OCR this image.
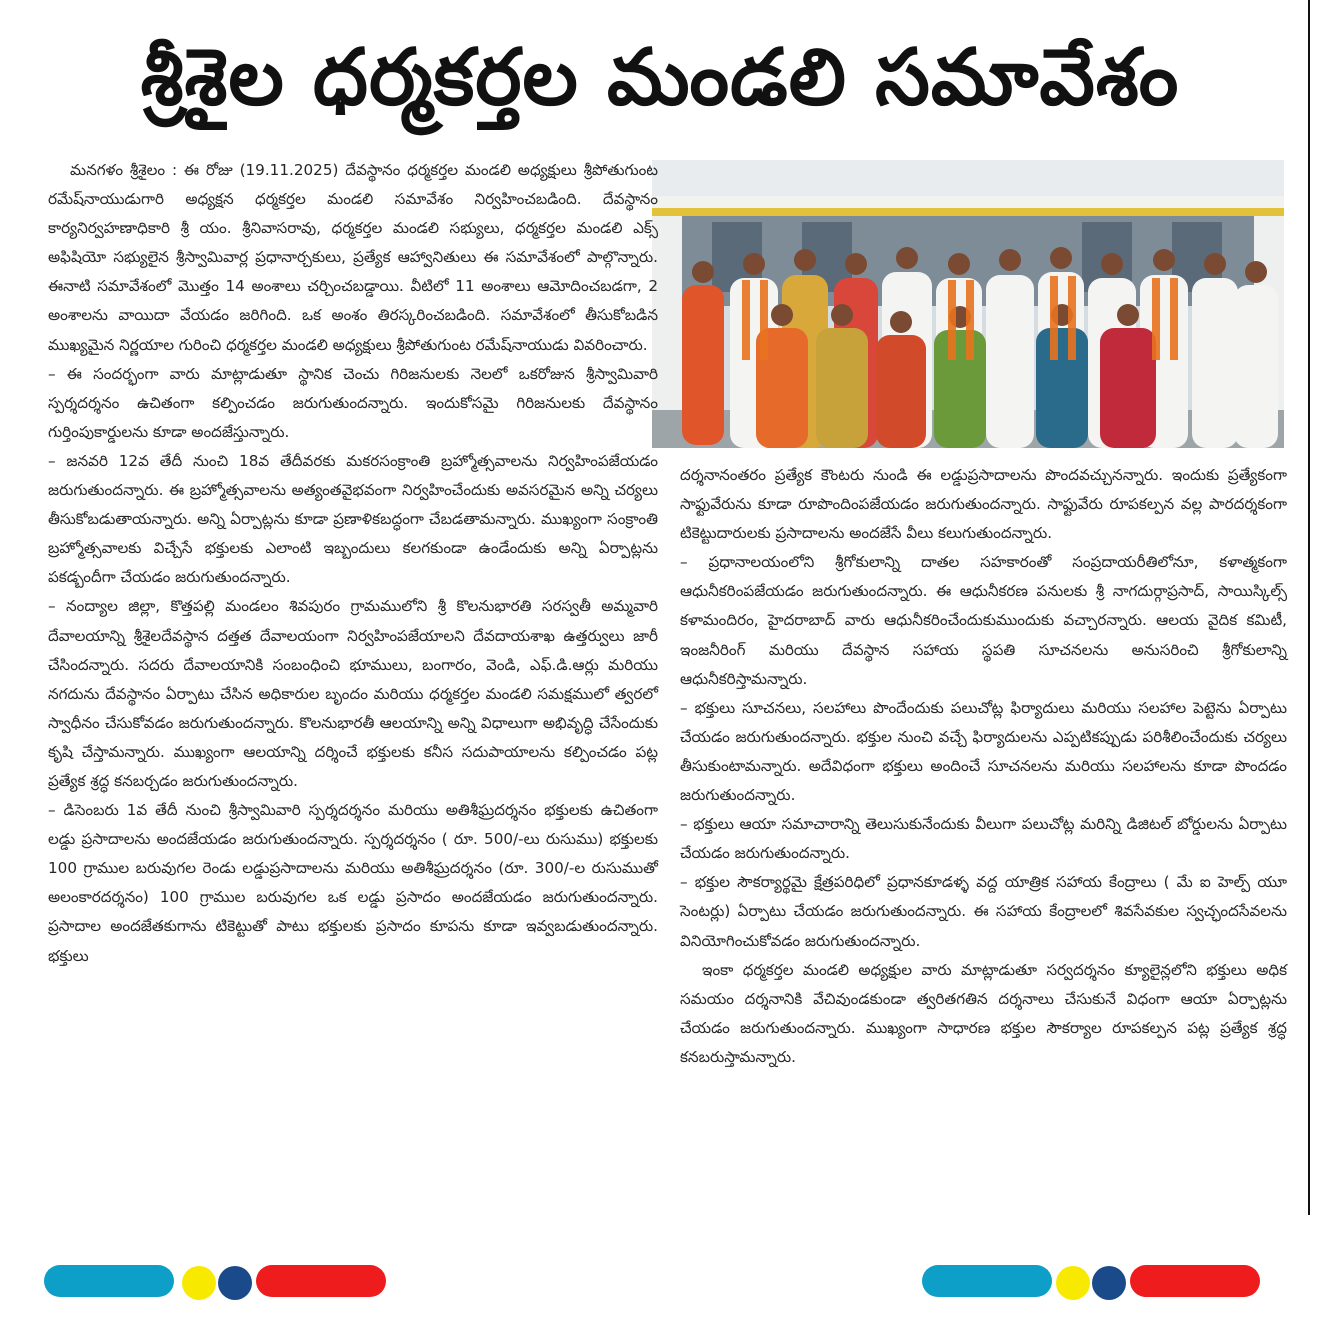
శ్రీశైల ధర్మకర్తల మండలి సమావేశం

మనగళం శ్రీశైలం : ఈ రోజు (19.11.2025) దేవస్థానం ధర్మకర్తల మండలి అధ్యక్షులు శ్రీపోతుగుంట రమేష్‌నాయుడుగారి అధ్యక్షన ధర్మకర్తల మండలి సమావేశం నిర్వహించబడింది. దేవస్థానం కార్యనిర్వహణాధికారి శ్రీ యం. శ్రీనివాసరావు, ధర్మకర్తల మండలి సభ్యులు, ధర్మకర్తల మండలి ఎక్స్ అఫిషియో సభ్యులైన శ్రీస్వామివార్ల ప్రధానార్చకులు, ప్రత్యేక ఆహ్వానితులు ఈ సమావేశంలో పాల్గొన్నారు. ఈనాటి సమావేశంలో మొత్తం 14 అంశాలు చర్చించబడ్డాయి. వీటిలో 11 అంశాలు ఆమోదించబడగా, 2 అంశాలను వాయిదా వేయడం జరిగింది. ఒక అంశం తిరస్కరించబడింది. సమావేశంలో తీసుకోబడిన ముఖ్యమైన నిర్ణయాల గురించి ధర్మకర్తల మండలి అధ్యక్షులు శ్రీపోతుగుంట రమేష్‌నాయుడు వివరించారు.

– ఈ సందర్భంగా వారు మాట్లాడుతూ స్థానిక చెంచు గిరిజనులకు నెలలో ఒకరోజున శ్రీస్వామివారి స్పర్శదర్శనం ఉచితంగా కల్పించడం జరుగుతుందన్నారు. ఇందుకోసమై గిరిజనులకు దేవస్థానం గుర్తింపుకార్డులను కూడా అందజేస్తున్నారు.

– జనవరి 12వ తేదీ నుంచి 18వ తేదీవరకు మకరసంక్రాంతి బ్రహ్మోత్సవాలను నిర్వహింపజేయడం జరుగుతుందన్నారు. ఈ బ్రహ్మోత్సవాలను అత్యంతవైభవంగా నిర్వహించేందుకు అవసరమైన అన్ని చర్యలు తీసుకోబడుతాయన్నారు. అన్ని ఏర్పాట్లను కూడా ప్రణాళికబద్ధంగా చేబడతామన్నారు. ముఖ్యంగా సంక్రాంతి బ్రహ్మోత్సవాలకు విచ్చేసే భక్తులకు ఎలాంటి ఇబ్బందులు కలగకుండా ఉండేందుకు అన్ని ఏర్పాట్లను పకడ్బందీగా చేయడం జరుగుతుందన్నారు.

– నంద్యాల జిల్లా, కొత్తపల్లి మండలం శివపురం గ్రామములోని శ్రీ కొలనుభారతి సరస్వతీ అమ్మవారి దేవాలయాన్ని శ్రీశైలదేవస్థాన దత్తత దేవాలయంగా నిర్వహింపజేయాలని దేవదాయశాఖ ఉత్తర్వులు జారీ చేసిందన్నారు. సదరు దేవాలయానికి సంబంధించి భూములు, బంగారం, వెండి, ఎఫ్.డి.ఆర్లు మరియు నగదును దేవస్థానం ఏర్పాటు చేసిన అధికారుల బృందం మరియు ధర్మకర్తల మండలి సమక్షములో త్వరలో స్వాధీనం చేసుకోవడం జరుగుతుందన్నారు. కొలనుభారతీ ఆలయాన్ని అన్ని విధాలుగా అభివృద్ధి చేసేందుకు కృషి చేస్తామన్నారు. ముఖ్యంగా ఆలయాన్ని దర్శించే భక్తులకు కనీస సదుపాయాలను కల్పించడం పట్ల ప్రత్యేక శ్రద్ధ కనబర్చడం జరుగుతుందన్నారు.

– డిసెంబరు 1వ తేదీ నుంచి శ్రీస్వామివారి స్పర్శదర్శనం మరియు అతిశీఘ్రదర్శనం భక్తులకు ఉచితంగా లడ్డు ప్రసాదాలను అందజేయడం జరుగుతుందన్నారు. స్పర్శదర్శనం ( రూ. 500/-లు రుసుము) భక్తులకు 100 గ్రాముల బరువుగల రెండు లడ్డుప్రసాదాలను మరియు అతిశీఘ్రదర్శనం (రూ. 300/-ల రుసుముతో అలంకారదర్శనం) 100 గ్రాముల బరువుగల ఒక లడ్డు ప్రసాదం అందజేయడం జరుగుతుందన్నారు. ప్రసాదాల అందజేతకుగాను టికెట్టుతో పాటు భక్తులకు ప్రసాదం కూపను కూడా ఇవ్వబడుతుందన్నారు. భక్తులు

దర్శనానంతరం ప్రత్యేక కౌంటరు నుండి ఈ లడ్డుప్రసాదాలను పొందవచ్చునన్నారు. ఇందుకు ప్రత్యేకంగా సాఫ్టువేరును కూడా రూపొందింపజేయడం జరుగుతుందన్నారు. సాఫ్టువేరు రూపకల్పన వల్ల పారదర్శకంగా టికెట్టుదారులకు ప్రసాదాలను అందజేసే వీలు కలుగుతుందన్నారు.

– ప్రధానాలయంలోని శ్రీగోకులాన్ని దాతల సహకారంతో సంప్రదాయరీతిలోనూ, కళాత్మకంగా ఆధునీకరింపజేయడం జరుగుతుందన్నారు. ఈ ఆధునీకరణ పనులకు శ్రీ నాగదుర్గాప్రసాద్, సాయిస్కిల్స్ కళామందిరం, హైదరాబాద్ వారు ఆధునీకరించేందుకుముందుకు వచ్చారన్నారు. ఆలయ వైదిక కమిటీ, ఇంజనీరింగ్ మరియు దేవస్థాన సహాయ స్థపతి సూచనలను అనుసరించి శ్రీగోకులాన్ని ఆధునీకరిస్తామన్నారు.

– భక్తులు సూచనలు, సలహాలు పొందేందుకు పలుచోట్ల ఫిర్యాదులు మరియు సలహాల పెట్టెను ఏర్పాటు చేయడం జరుగుతుందన్నారు. భక్తుల నుంచి వచ్చే ఫిర్యాదులను ఎప్పటికప్పుడు పరిశీలించేందుకు చర్యలు తీసుకుంటామన్నారు. అదేవిధంగా భక్తులు అందించే సూచనలను మరియు సలహాలను కూడా పొందడం జరుగుతుందన్నారు.

– భక్తులు ఆయా సమాచారాన్ని తెలుసుకునేందుకు వీలుగా పలుచోట్ల మరిన్ని డిజిటల్ బోర్డులను ఏర్పాటు చేయడం జరుగుతుందన్నారు.

– భక్తుల సౌకర్యార్థమై క్షేత్రపరిధిలో ప్రధానకూడళ్ళ వద్ద యాత్రిక సహాయ కేంద్రాలు ( మే ఐ హెల్ప్ యూ సెంటర్లు) ఏర్పాటు చేయడం జరుగుతుందన్నారు. ఈ సహాయ కేంద్రాలలో శివసేవకుల స్వచ్ఛందసేవలను వినియోగించుకోవడం జరుగుతుందన్నారు.

ఇంకా ధర్మకర్తల మండలి అధ్యక్షుల వారు మాట్లాడుతూ సర్వదర్శనం క్యూలైన్లలోని భక్తులు అధిక సమయం దర్శనానికి వేచివుండకుండా త్వరితగతిన దర్శనాలు చేసుకునే విధంగా ఆయా ఏర్పాట్లను చేయడం జరుగుతుందన్నారు. ముఖ్యంగా సాధారణ భక్తుల సౌకర్యాల రూపకల్పన పట్ల ప్రత్యేక శ్రద్ధ కనబరుస్తామన్నారు.
